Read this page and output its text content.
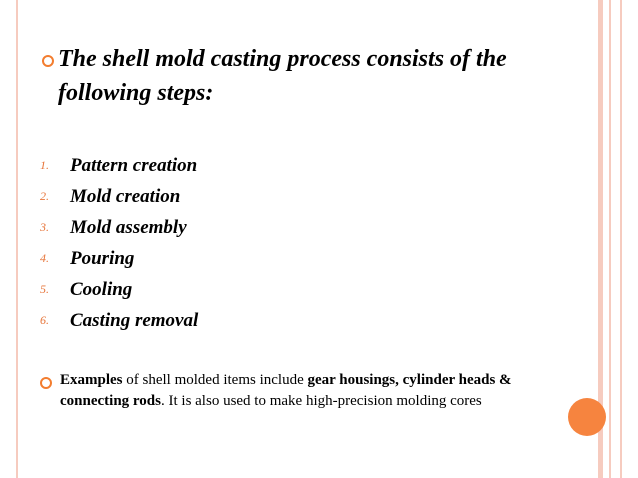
The shell mold casting process consists of the following steps:
1.	Pattern creation
2.	Mold creation
3.	Mold assembly
4.	Pouring
5.	Cooling
6.	Casting removal
Examples of shell molded items include gear housings, cylinder heads & connecting rods. It is also used to make high-precision molding cores
